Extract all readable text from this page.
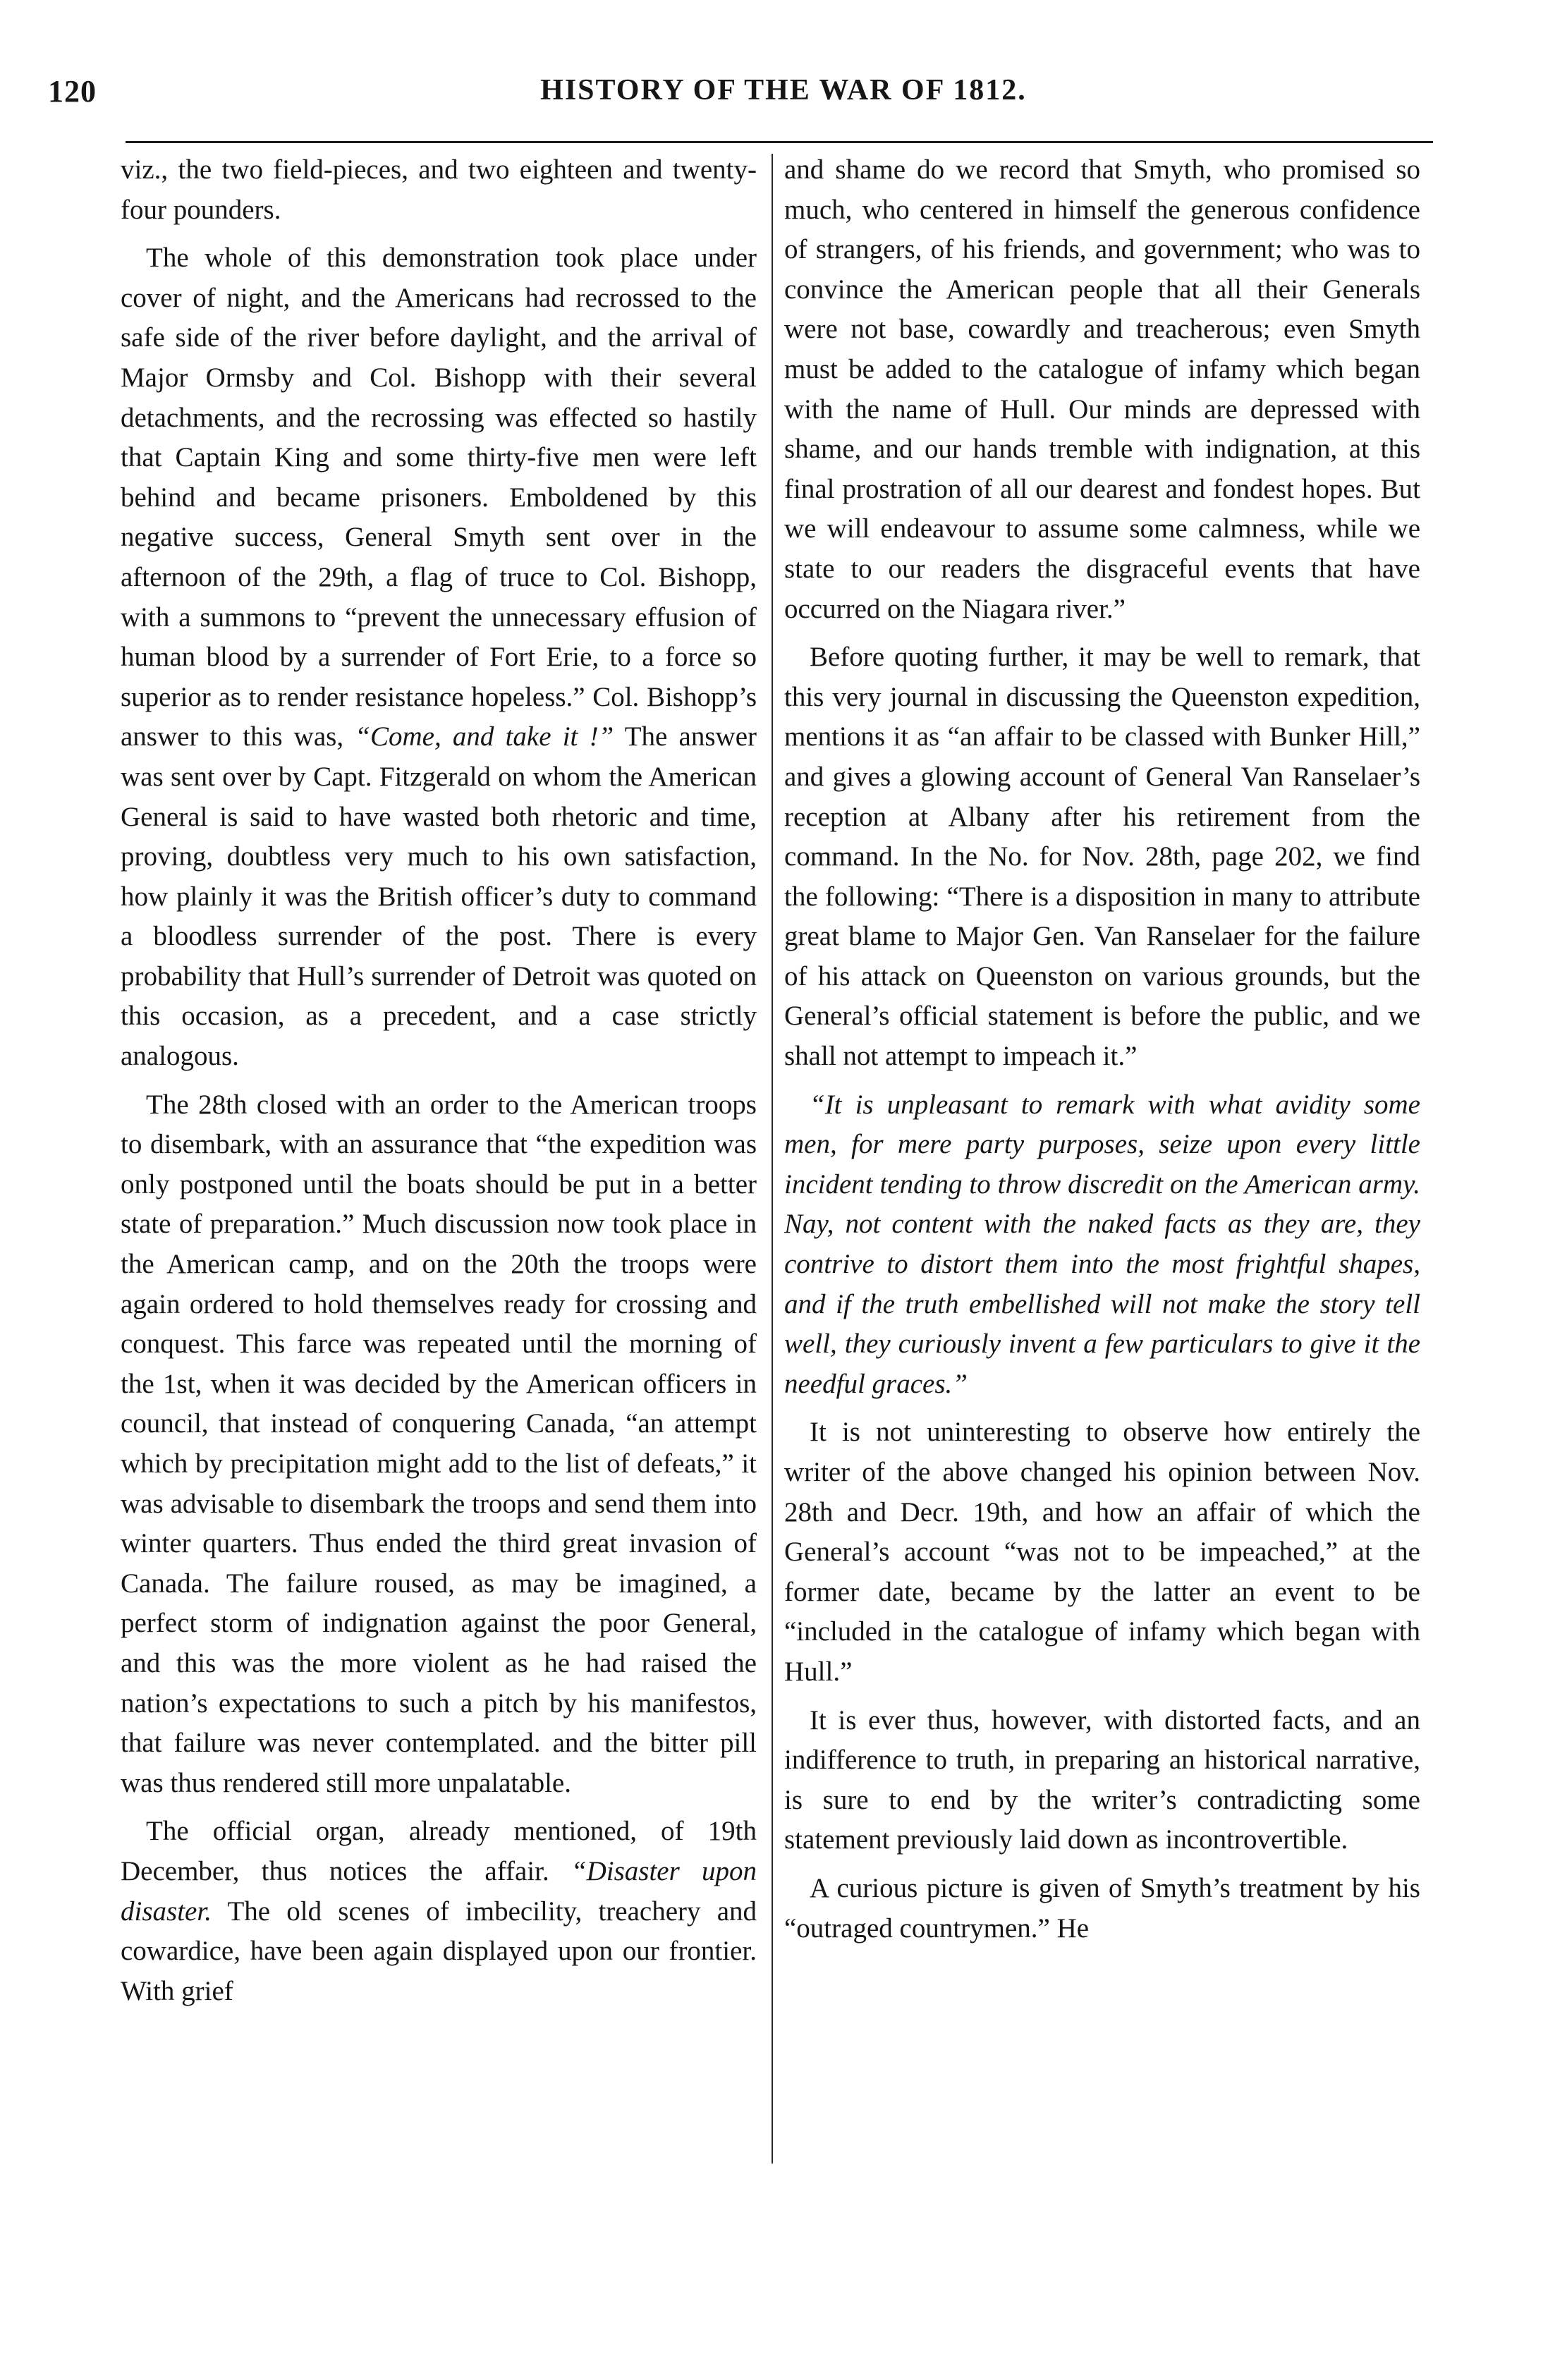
120	HISTORY OF THE WAR OF 1812.

viz., the two field-pieces, and two eighteen and twenty-four pounders.

The whole of this demonstration took place under cover of night, and the Americans had recrossed to the safe side of the river before daylight, and the arrival of Major Ormsby and Col. Bishopp with their several detachments, and the recrossing was effected so hastily that Captain King and some thirty-five men were left behind and became prisoners. Emboldened by this negative success, General Smyth sent over in the afternoon of the 29th, a flag of truce to Col. Bishopp, with a summons to “prevent the unnecessary effusion of human blood by a surrender of Fort Erie, to a force so superior as to render resistance hopeless.” Col. Bishopp’s answer to this was, “Come, and take it !” The answer was sent over by Capt. Fitzgerald on whom the American General is said to have wasted both rhetoric and time, proving, doubtless very much to his own satisfaction, how plainly it was the British officer’s duty to command a bloodless surrender of the post. There is every probability that Hull’s surrender of Detroit was quoted on this occasion, as a precedent, and a case strictly analogous.

The 28th closed with an order to the American troops to disembark, with an assurance that “the expedition was only postponed until the boats should be put in a better state of preparation.” Much discussion now took place in the American camp, and on the 20th the troops were again ordered to hold themselves ready for crossing and conquest. This farce was repeated until the morning of the 1st, when it was decided by the American officers in council, that instead of conquering Canada, “an attempt which by precipitation might add to the list of defeats,” it was advisable to disembark the troops and send them into winter quarters. Thus ended the third great invasion of Canada. The failure roused, as may be imagined, a perfect storm of indignation against the poor General, and this was the more violent as he had raised the nation’s expectations to such a pitch by his manifestos, that failure was never contemplated. and the bitter pill was thus rendered still more unpalatable.

The official organ, already mentioned, of 19th December, thus notices the affair. “Disaster upon disaster. The old scenes of imbecility, treachery and cowardice, have been again displayed upon our frontier. With grief

and shame do we record that Smyth, who promised so much, who centered in himself the generous confidence of strangers, of his friends, and government; who was to convince the American people that all their Generals were not base, cowardly and treacherous; even Smyth must be added to the catalogue of infamy which began with the name of Hull. Our minds are depressed with shame, and our hands tremble with indignation, at this final prostration of all our dearest and fondest hopes. But we will endeavour to assume some calmness, while we state to our readers the disgraceful events that have occurred on the Niagara river.”

Before quoting further, it may be well to remark, that this very journal in discussing the Queenston expedition, mentions it as “an affair to be classed with Bunker Hill,” and gives a glowing account of General Van Ranselaer’s reception at Albany after his retirement from the command. In the No. for Nov. 28th, page 202, we find the following: “There is a disposition in many to attribute great blame to Major Gen. Van Ranselaer for the failure of his attack on Queenston on various grounds, but the General’s official statement is before the public, and we shall not attempt to impeach it.”

“It is unpleasant to remark with what avidity some men, for mere party purposes, seize upon every little incident tending to throw discredit on the American army. Nay, not content with the naked facts as they are, they contrive to distort them into the most frightful shapes, and if the truth embellished will not make the story tell well, they curiously invent a few particulars to give it the needful graces.”

It is not uninteresting to observe how entirely the writer of the above changed his opinion between Nov. 28th and Decr. 19th, and how an affair of which the General’s account “was not to be impeached,” at the former date, became by the latter an event to be “included in the catalogue of infamy which began with Hull.”

It is ever thus, however, with distorted facts, and an indifference to truth, in preparing an historical narrative, is sure to end by the writer’s contradicting some statement previously laid down as incontrovertible.

A curious picture is given of Smyth’s treatment by his “outraged countrymen.” He
